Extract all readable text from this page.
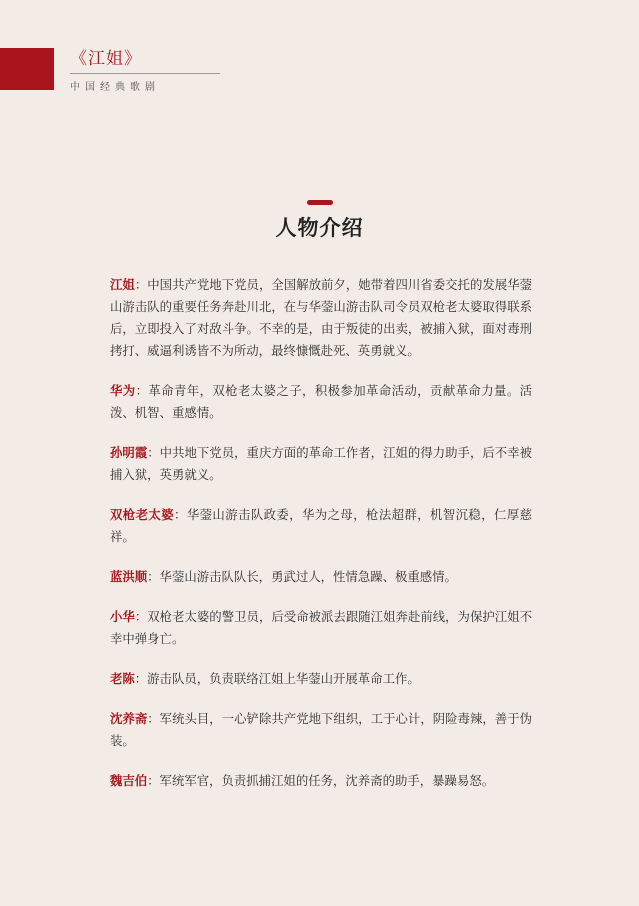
《江姐》
中国经典歌剧
人物介绍
江姐：中国共产党地下党员，全国解放前夕，她带着四川省委交托的发展华蓥山游击队的重要任务奔赴川北，在与华蓥山游击队司令员双枪老太婆取得联系后，立即投入了对敌斗争。不幸的是，由于叛徒的出卖，被捕入狱，面对毒刑拷打、威逼利诱皆不为所动，最终慷慨赴死、英勇就义。
华为：革命青年，双枪老太婆之子，积极参加革命活动，贡献革命力量。活泼、机智、重感情。
孙明霞：中共地下党员，重庆方面的革命工作者，江姐的得力助手，后不幸被捕入狱，英勇就义。
双枪老太婆：华蓥山游击队政委，华为之母，枪法超群，机智沉稳，仁厚慈祥。
蓝洪顺：华蓥山游击队队长，勇武过人，性情急躁、极重感情。
小华：双枪老太婆的警卫员，后受命被派去跟随江姐奔赴前线，为保护江姐不幸中弹身亡。
老陈：游击队员，负责联络江姐上华蓥山开展革命工作。
沈养斋：军统头目，一心铲除共产党地下组织，工于心计，阴险毒辣，善于伪装。
魏吉伯：军统军官，负责抓捕江姐的任务，沈养斋的助手，暴躁易怒。
